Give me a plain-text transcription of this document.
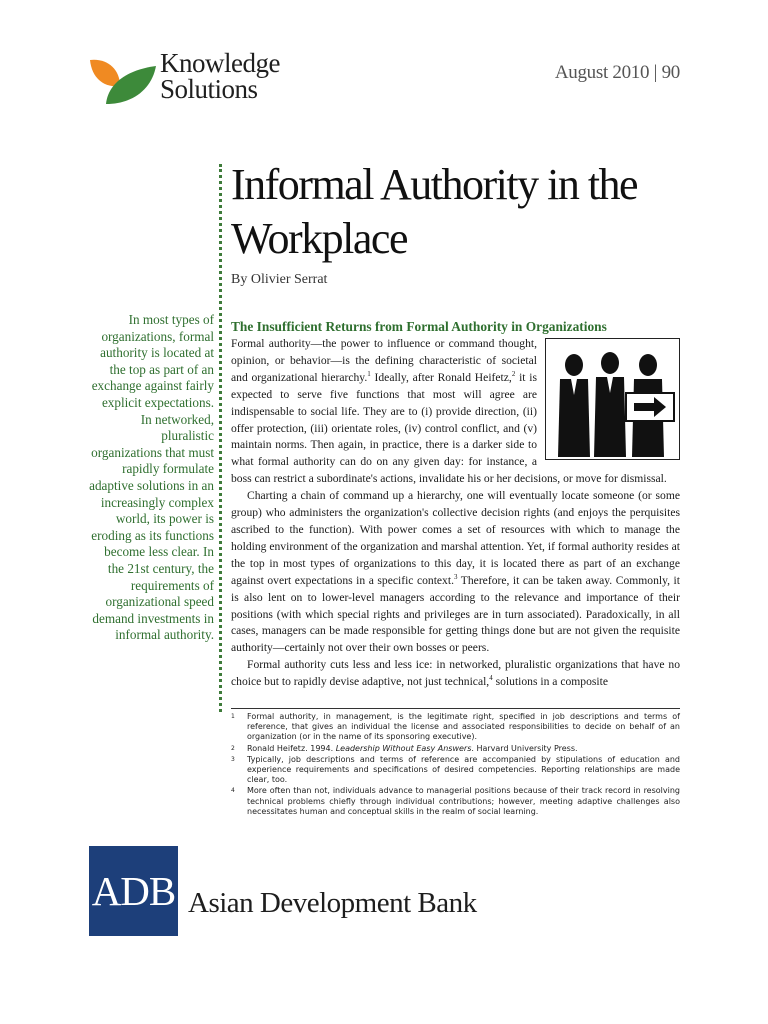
Knowledge
Solutions
August 2010 | 90
Informal Authority in the Workplace
By Olivier Serrat
In most types of organizations, formal authority is located at the top as part of an exchange against fairly explicit expectations. In networked, pluralistic organizations that must rapidly formulate adaptive solutions in an increasingly complex world, its power is eroding as its functions become less clear. In the 21st century, the requirements of organizational speed demand investments in informal authority.
The Insufficient Returns from Formal Authority in Organizations

Formal authority—the power to influence or command thought, opinion, or behavior—is the defining characteristic of societal and organizational hierarchy.$^1$ Ideally, after Ronald Heifetz,$^2$ it is expected to serve five functions that most will agree are indispensable to social life. They are to (i) provide direction, (ii) offer protection, (iii) orientate roles, (iv) control conflict, and (v) maintain norms. Then again, in practice, there is a darker side to what formal authority can do on any given day: for instance, a boss can restrict a subordinate's actions, invalidate his or her decisions, or move for dismissal.

Charting a chain of command up a hierarchy, one will eventually locate someone (or some group) who administers the organization's collective decision rights (and enjoys the perquisites ascribed to the function). With power comes a set of resources with which to manage the holding environment of the organization and marshal attention. Yet, if formal authority resides at the top in most types of organizations to this day, it is located there as part of an exchange against overt expectations in a specific context.$^3$ Therefore, it can be taken away. Commonly, it is also lent on to lower-level managers according to the relevance and importance of their positions (with which special rights and privileges are in turn associated). Paradoxically, in all cases, managers can be made responsible for getting things done but are not given the requisite authority—certainly not over their own bosses or peers.

Formal authority cuts less and less ice: in networked, pluralistic organizations that have no choice but to rapidly devise adaptive, not just technical,$^4$ solutions in a composite

1	Formal authority, in management, is the legitimate right, specified in job descriptions and terms of reference, that gives an individual the license and associated responsibilities to decide on behalf of an organization (or in the name of its sponsoring executive).
2	Ronald Heifetz. 1994. Leadership Without Easy Answers. Harvard University Press.
3	Typically, job descriptions and terms of reference are accompanied by stipulations of education and experience requirements and specifications of desired competencies. Reporting relationships are made clear, too.
4	More often than not, individuals advance to managerial positions because of their track record in resolving technical problems chiefly through individual contributions; however, meeting adaptive challenges also necessitates human and conceptual skills in the realm of social learning.
ADB Asian Development Bank
